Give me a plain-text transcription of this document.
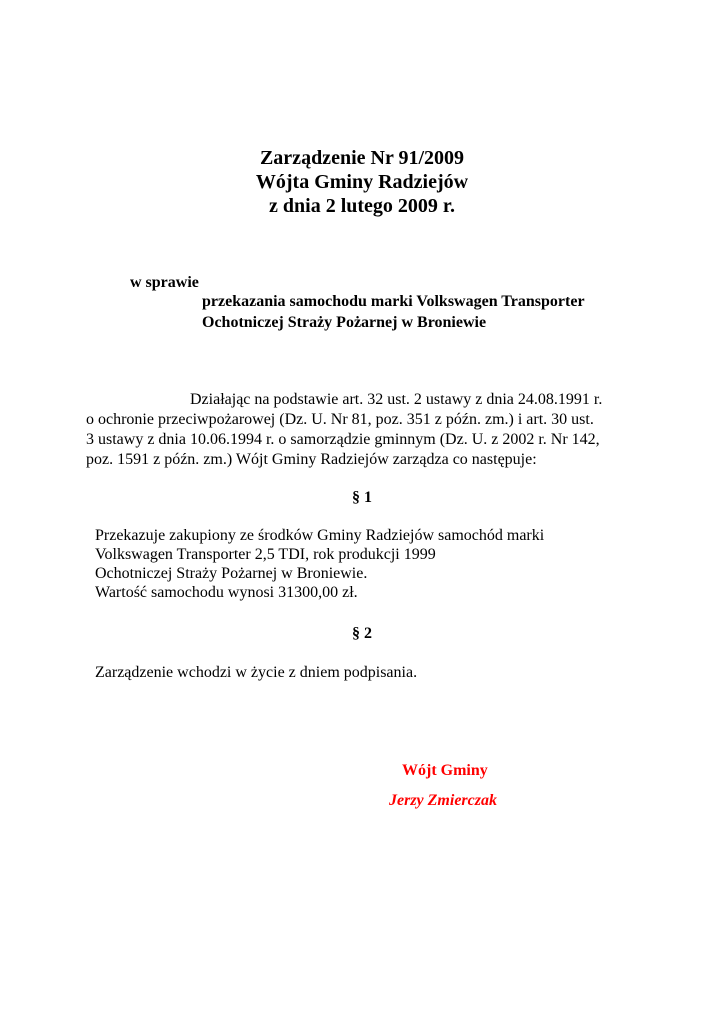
Zarządzenie Nr 91/2009
Wójta Gminy Radziejów
z dnia 2 lutego 2009 r.
w sprawie
przekazania samochodu marki Volkswagen Transporter
Ochotniczej Straży Pożarnej w Broniewie
Działając na podstawie art. 32 ust. 2 ustawy z dnia 24.08.1991 r.
o ochronie przeciwpożarowej (Dz. U. Nr 81, poz. 351 z późn. zm.) i art. 30 ust.
3 ustawy z dnia 10.06.1994 r. o samorządzie gminnym (Dz. U. z 2002 r. Nr 142,
poz. 1591 z późn. zm.) Wójt Gminy Radziejów zarządza co następuje:
§ 1
Przekazuje zakupiony ze środków Gminy Radziejów samochód marki
Volkswagen Transporter 2,5 TDI, rok produkcji 1999
Ochotniczej Straży Pożarnej w Broniewie.
Wartość samochodu wynosi 31300,00 zł.
§ 2
Zarządzenie wchodzi w życie z dniem podpisania.
Wójt Gminy
Jerzy Zmierczak
